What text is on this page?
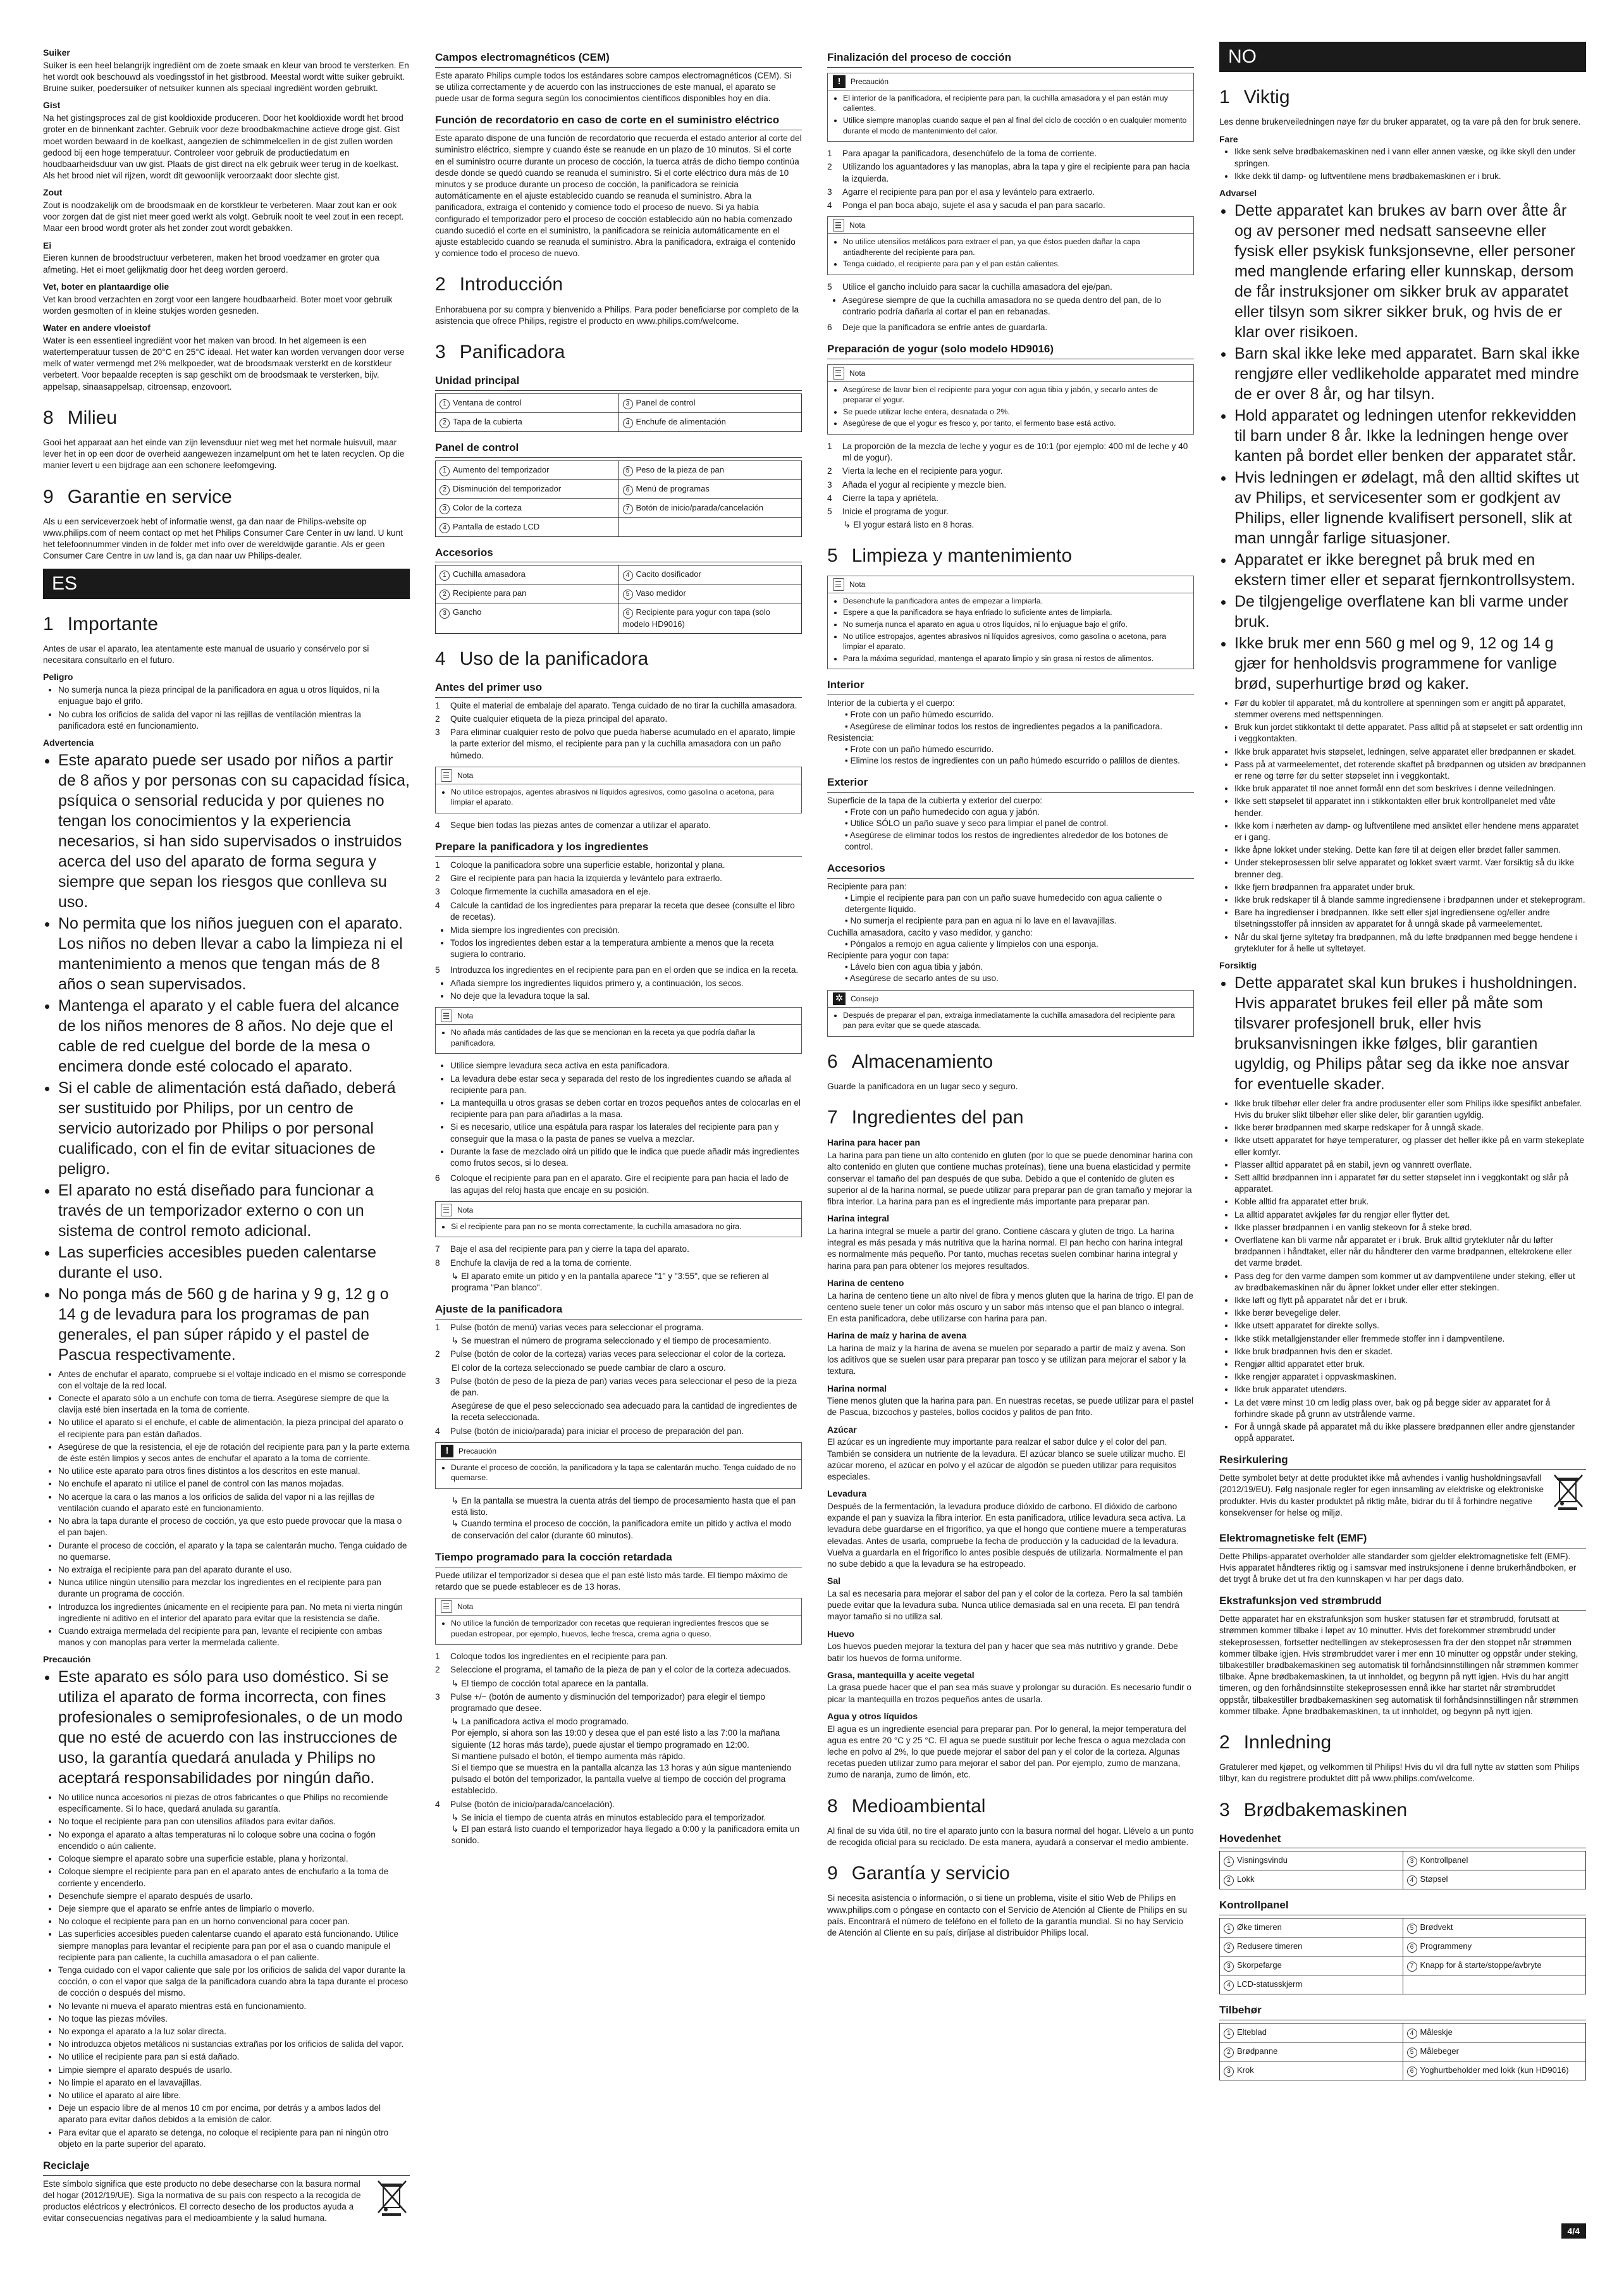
Suiker

Suiker is een heel belangrijk ingrediënt om de zoete smaak en kleur van brood te versterken. En het wordt ook beschouwd als voedingsstof in het gistbrood. Meestal wordt witte suiker gebruikt. Bruine suiker, poedersuiker of netsuiker kunnen als speciaal ingrediënt worden gebruikt.

Gist

Na het gistingsproces zal de gist kooldioxide produceren. Door het kooldioxide wordt het brood groter en de binnenkant zachter. Gebruik voor deze broodbakmachine actieve droge gist. Gist moet worden bewaard in de koelkast, aangezien de schimmelcellen in de gist zullen worden gedood bij een hoge temperatuur. Controleer voor gebruik de productiedatum en houdbaarheidsduur van uw gist. Plaats de gist direct na elk gebruik weer terug in de koelkast. Als het brood niet wil rijzen, wordt dit gewoonlijk veroorzaakt door slechte gist.

Zout

Zout is noodzakelijk om de broodsmaak en de korstkleur te verbeteren. Maar zout kan er ook voor zorgen dat de gist niet meer goed werkt als volgt. Gebruik nooit te veel zout in een recept. Maar een brood wordt groter als het zonder zout wordt gebakken.

Ei

Eieren kunnen de broodstructuur verbeteren, maken het brood voedzamer en groter qua afmeting. Het ei moet gelijkmatig door het deeg worden geroerd.

Vet, boter en plantaardige olie

Vet kan brood verzachten en zorgt voor een langere houdbaarheid. Boter moet voor gebruik worden gesmolten of in kleine stukjes worden gesneden.

Water en andere vloeistof

Water is een essentieel ingrediënt voor het maken van brood. In het algemeen is een watertemperatuur tussen de 20°C en 25°C ideaal. Het water kan worden vervangen door verse melk of water vermengd met 2% melkpoeder, wat de broodsmaak versterkt en de korstkleur verbetert. Voor bepaalde recepten is sap geschikt om de broodsmaak te versterken, bijv. appelsap, sinaasappelsap, citroensap, enzovoort.

8 Milieu

Gooi het apparaat aan het einde van zijn levensduur niet weg met het normale huisvuil, maar lever het in op een door de overheid aangewezen inzamelpunt om het te laten recyclen. Op die manier levert u een bijdrage aan een schonere leefomgeving.

9 Garantie en service

Als u een serviceverzoek hebt of informatie wenst, ga dan naar de Philips-website op www.philips.com of neem contact op met het Philips Consumer Care Center in uw land. U kunt het telefoonnummer vinden in de folder met info over de wereldwijde garantie. Als er geen Consumer Care Centre in uw land is, ga dan naar uw Philips-dealer.

ES
1 Importante

Antes de usar el aparato, lea atentamente este manual de usuario y consérvelo por si necesitara consultarlo en el futuro.

Peligro
• No sumerja nunca la pieza principal de la panificadora en agua u otros líquidos, ni la enjuague bajo el grifo.
• No cubra los orificios de salida del vapor ni las rejillas de ventilación mientras la panificadora esté en funcionamiento.
Advertencia
• Este aparato puede ser usado por niños a partir de 8 años y por personas con su capacidad física, psíquica o sensorial reducida y por quienes no tengan los conocimientos y la experiencia necesarios, si han sido supervisados o instruidos acerca del uso del aparato de forma segura y siempre que sepan los riesgos que conlleva su uso.
• No permita que los niños jueguen con el aparato. Los niños no deben llevar a cabo la limpieza ni el mantenimiento a menos que tengan más de 8 años o sean supervisados.
• Mantenga el aparato y el cable fuera del alcance de los niños menores de 8 años. No deje que el cable de red cuelgue del borde de la mesa o encimera donde esté colocado el aparato.
• Si el cable de alimentación está dañado, deberá ser sustituido por Philips, por un centro de servicio autorizado por Philips o por personal cualificado, con el fin de evitar situaciones de peligro.
• El aparato no está diseñado para funcionar a través de un temporizador externo o con un sistema de control remoto adicional.
• Las superficies accesibles pueden calentarse durante el uso.
• No ponga más de 560 g de harina y 9 g, 12 g o 14 g de levadura para los programas de pan generales, el pan súper rápido y el pastel de Pascua respectivamente.
• Antes de enchufar el aparato, compruebe si el voltaje indicado en el mismo se corresponde con el voltaje de la red local.
• Conecte el aparato sólo a un enchufe con toma de tierra. Asegúrese siempre de que la clavija esté bien insertada en la toma de corriente.
• No utilice el aparato si el enchufe, el cable de alimentación, la pieza principal del aparato o el recipiente para pan están dañados.
• Asegúrese de que la resistencia, el eje de rotación del recipiente para pan y la parte externa de éste estén limpios y secos antes de enchufar el aparato a la toma de corriente.
• No utilice este aparato para otros fines distintos a los descritos en este manual.
• No enchufe el aparato ni utilice el panel de control con las manos mojadas.
• No acerque la cara o las manos a los orificios de salida del vapor ni a las rejillas de ventilación cuando el aparato esté en funcionamiento.
• No abra la tapa durante el proceso de cocción, ya que esto puede provocar que la masa o el pan bajen.
• Durante el proceso de cocción, el aparato y la tapa se calentarán mucho. Tenga cuidado de no quemarse.
• No extraiga el recipiente para pan del aparato durante el uso.
• Nunca utilice ningún utensilio para mezclar los ingredientes en el recipiente para pan durante un programa de cocción.
• Introduzca los ingredientes únicamente en el recipiente para pan. No meta ni vierta ningún ingrediente ni aditivo en el interior del aparato para evitar que la resistencia se dañe.
• Cuando extraiga mermelada del recipiente para pan, levante el recipiente con ambas manos y con manoplas para verter la mermelada caliente.
Precaución
• Este aparato es sólo para uso doméstico. Si se utiliza el aparato de forma incorrecta, con fines profesionales o semiprofesionales, o de un modo que no esté de acuerdo con las instrucciones de uso, la garantía quedará anulada y Philips no aceptará responsabilidades por ningún daño.
• No utilice nunca accesorios ni piezas de otros fabricantes o que Philips no recomiende específicamente. Si lo hace, quedará anulada su garantía.
• No toque el recipiente para pan con utensilios afilados para evitar daños.
• No exponga el aparato a altas temperaturas ni lo coloque sobre una cocina o fogón encendido o aún caliente.
• Coloque siempre el aparato sobre una superficie estable, plana y horizontal.
• Coloque siempre el recipiente para pan en el aparato antes de enchufarlo a la toma de corriente y encenderlo.
• Desenchufe siempre el aparato después de usarlo.
• Deje siempre que el aparato se enfríe antes de limpiarlo o moverlo.
• No coloque el recipiente para pan en un horno convencional para cocer pan.
• Las superficies accesibles pueden calentarse cuando el aparato está funcionando. Utilice siempre manoplas para levantar el recipiente para pan por el asa o cuando manipule el recipiente para pan caliente, la cuchilla amasadora o el pan caliente.
• Tenga cuidado con el vapor caliente que sale por los orificios de salida del vapor durante la cocción, o con el vapor que salga de la panificadora cuando abra la tapa durante el proceso de cocción o después del mismo.
• No levante ni mueva el aparato mientras está en funcionamiento.
• No toque las piezas móviles.
• No exponga el aparato a la luz solar directa.
• No introduzca objetos metálicos ni sustancias extrañas por los orificios de salida del vapor.
• No utilice el recipiente para pan si está dañado.
• Limpie siempre el aparato después de usarlo.
• No limpie el aparato en el lavavajillas.
• No utilice el aparato al aire libre.
• Deje un espacio libre de al menos 10 cm por encima, por detrás y a ambos lados del aparato para evitar daños debidos a la emisión de calor.
• Para evitar que el aparato se detenga, no coloque el recipiente para pan ni ningún otro objeto en la parte superior del aparato.
Reciclaje

Este símbolo significa que este producto no debe desecharse con la basura normal del hogar (2012/19/UE). Siga la normativa de su país con respecto a la recogida de productos eléctricos y electrónicos. El correcto desecho de los productos ayuda a evitar consecuencias negativas para el medioambiente y la salud humana.

Campos electromagnéticos (CEM)

Este aparato Philips cumple todos los estándares sobre campos electromagnéticos (CEM). Si se utiliza correctamente y de acuerdo con las instrucciones de este manual, el aparato se puede usar de forma segura según los conocimientos científicos disponibles hoy en día.

Función de recordatorio en caso de corte en el suministro eléctrico

Este aparato dispone de una función de recordatorio que recuerda el estado anterior al corte del suministro eléctrico, siempre y cuando éste se reanude en un plazo de 10 minutos. Si el corte en el suministro ocurre durante un proceso de cocción, la tuerca atrás de dicho tiempo continúa desde donde se quedó cuando se reanuda el suministro. Si el corte eléctrico dura más de 10 minutos y se produce durante un proceso de cocción, la panificadora se reinicia automáticamente en el ajuste establecido cuando se reanuda el suministro. Abra la panificadora, extraiga el contenido y comience todo el proceso de nuevo. Si ya había configurado el temporizador pero el proceso de cocción establecido aún no había comenzado cuando sucedió el corte en el suministro, la panificadora se reinicia automáticamente en el ajuste establecido cuando se reanuda el suministro. Abra la panificadora, extraiga el contenido y comience todo el proceso de nuevo.

2 Introducción

Enhorabuena por su compra y bienvenido a Philips. Para poder beneficiarse por completo de la asistencia que ofrece Philips, registre el producto en www.philips.com/welcome.

3 Panificadora
Unidad principal
1 Ventana de control	3 Panel de control
2 Tapa de la cubierta	4 Enchufe de alimentación
Panel de control
1 Aumento del temporizador	5 Peso de la pieza de pan
2 Disminución del temporizador	6 Menú de programas
3 Color de la corteza	7 Botón de inicio/parada/cancelación
4 Pantalla de estado LCD	
Accesorios
1 Cuchilla amasadora	4 Cacito dosificador
2 Recipiente para pan	5 Vaso medidor
3 Gancho	6 Recipiente para yogur con tapa (solo modelo HD9016)
4 Uso de la panificadora
Antes del primer uso
1	Quite el material de embalaje del aparato. Tenga cuidado de no tirar la cuchilla amasadora.
2	Quite cualquier etiqueta de la pieza principal del aparato.
3	Para eliminar cualquier resto de polvo que pueda haberse acumulado en el aparato, limpie la parte exterior del mismo, el recipiente para pan y la cuchilla amasadora con un paño húmedo.
Nota
• No utilice estropajos, agentes abrasivos ni líquidos agresivos, como gasolina o acetona, para limpiar el aparato.
4	Seque bien todas las piezas antes de comenzar a utilizar el aparato.
Prepare la panificadora y los ingredientes
1	Coloque la panificadora sobre una superficie estable, horizontal y plana.
2	Gire el recipiente para pan hacia la izquierda y levántelo para extraerlo.
3	Coloque firmemente la cuchilla amasadora en el eje.
4	Calcule la cantidad de los ingredientes para preparar la receta que desee (consulte el libro de recetas).
• Mida siempre los ingredientes con precisión.
• Todos los ingredientes deben estar a la temperatura ambiente a menos que la receta sugiera lo contrario.
5	Introduzca los ingredientes en el recipiente para pan en el orden que se indica en la receta.
• Añada siempre los ingredientes líquidos primero y, a continuación, los secos.
• No deje que la levadura toque la sal.
Nota
• No añada más cantidades de las que se mencionan en la receta ya que podría dañar la panificadora.
• Utilice siempre levadura seca activa en esta panificadora.
• La levadura debe estar seca y separada del resto de los ingredientes cuando se añada al recipiente para pan.
• La mantequilla u otros grasas se deben cortar en trozos pequeños antes de colocarlas en el recipiente para pan para añadirlas a la masa.
• Si es necesario, utilice una espátula para raspar los laterales del recipiente para pan y conseguir que la masa o la pasta de panes se vuelva a mezclar.
• Durante la fase de mezclado oirá un pitido que le indica que puede añadir más ingredientes como frutos secos, si lo desea.
6	Coloque el recipiente para pan en el aparato. Gire el recipiente para pan hacia el lado de las agujas del reloj hasta que encaje en su posición.
Nota
• Si el recipiente para pan no se monta correctamente, la cuchilla amasadora no gira.
7	Baje el asa del recipiente para pan y cierre la tapa del aparato.
8	Enchufe la clavija de red a la toma de corriente.
↳ El aparato emite un pitido y en la pantalla aparece "1" y "3:55", que se refieren al programa "Pan blanco".
Ajuste de la panificadora
1	Pulse (botón de menú) varias veces para seleccionar el programa.
↳ Se muestran el número de programa seleccionado y el tiempo de procesamiento.
2	Pulse (botón de color de la corteza) varias veces para seleccionar el color de la corteza.
El color de la corteza seleccionado se puede cambiar de claro a oscuro.
3	Pulse (botón de peso de la pieza de pan) varias veces para seleccionar el peso de la pieza de pan.
Asegúrese de que el peso seleccionado sea adecuado para la cantidad de ingredientes de la receta seleccionada.
4	Pulse (botón de inicio/parada) para iniciar el proceso de preparación del pan.
!	Precaución
• Durante el proceso de cocción, la panificadora y la tapa se calentarán mucho. Tenga cuidado de no quemarse.
↳ En la pantalla se muestra la cuenta atrás del tiempo de procesamiento hasta que el pan está listo.
↳ Cuando termina el proceso de cocción, la panificadora emite un pitido y activa el modo de conservación del calor (durante 60 minutos).
Tiempo programado para la cocción retardada

Puede utilizar el temporizador si desea que el pan esté listo más tarde. El tiempo máximo de retardo que se puede establecer es de 13 horas.

Nota
• No utilice la función de temporizador con recetas que requieran ingredientes frescos que se puedan estropear, por ejemplo, huevos, leche fresca, crema agria o queso.
1	Coloque todos los ingredientes en el recipiente para pan.
2	Seleccione el programa, el tamaño de la pieza de pan y el color de la corteza adecuados.
↳ El tiempo de cocción total aparece en la pantalla.
3	Pulse +/− (botón de aumento y disminución del temporizador) para elegir el tiempo programado que desee.
↳ La panificadora activa el modo programado.
Por ejemplo, si ahora son las 19:00 y desea que el pan esté listo a las 7:00 la mañana siguiente (12 horas más tarde), puede ajustar el tiempo programado en 12:00.
Si mantiene pulsado el botón, el tiempo aumenta más rápido.
Si el tiempo que se muestra en la pantalla alcanza las 13 horas y aún sigue manteniendo pulsado el botón del temporizador, la pantalla vuelve al tiempo de cocción del programa establecido.
4	Pulse (botón de inicio/parada/cancelación).
↳ Se inicia el tiempo de cuenta atrás en minutos establecido para el temporizador.
↳ El pan estará listo cuando el temporizador haya llegado a 0:00 y la panificadora emita un sonido.
Finalización del proceso de cocción
!	Precaución
• El interior de la panificadora, el recipiente para pan, la cuchilla amasadora y el pan están muy calientes.
• Utilice siempre manoplas cuando saque el pan al final del ciclo de cocción o en cualquier momento durante el modo de mantenimiento del calor.
1	Para apagar la panificadora, desenchúfelo de la toma de corriente.
2	Utilizando los aguantadores y las manoplas, abra la tapa y gire el recipiente para pan hacia la izquierda.
3	Agarre el recipiente para pan por el asa y levántelo para extraerlo.
4	Ponga el pan boca abajo, sujete el asa y sacuda el pan para sacarlo.
Nota
• No utilice utensilios metálicos para extraer el pan, ya que éstos pueden dañar la capa antiadherente del recipiente para pan.
• Tenga cuidado, el recipiente para pan y el pan están calientes.
5	Utilice el gancho incluido para sacar la cuchilla amasadora del eje/pan.
• Asegúrese siempre de que la cuchilla amasadora no se queda dentro del pan, de lo contrario podría dañarla al cortar el pan en rebanadas.
6	Deje que la panificadora se enfríe antes de guardarla.
Preparación de yogur (solo modelo HD9016)
Nota
• Asegúrese de lavar bien el recipiente para yogur con agua tibia y jabón, y secarlo antes de preparar el yogur.
• Se puede utilizar leche entera, desnatada o 2%.
• Asegúrese de que el yogur es fresco y, por tanto, el fermento base está activo.
1	La proporción de la mezcla de leche y yogur es de 10:1 (por ejemplo: 400 ml de leche y 40 ml de yogur).
2	Vierta la leche en el recipiente para yogur.
3	Añada el yogur al recipiente y mezcle bien.
4	Cierre la tapa y apriétela.
5	Inicie el programa de yogur.
↳ El yogur estará listo en 8 horas.
5 Limpieza y mantenimiento
Nota
• Desenchufe la panificadora antes de empezar a limpiarla.
• Espere a que la panificadora se haya enfriado lo suficiente antes de limpiarla.
• No sumerja nunca el aparato en agua u otros líquidos, ni lo enjuague bajo el grifo.
• No utilice estropajos, agentes abrasivos ni líquidos agresivos, como gasolina o acetona, para limpiar el aparato.
• Para la máxima seguridad, mantenga el aparato limpio y sin grasa ni restos de alimentos.
Interior
Interior de la cubierta y el cuerpo:
• Frote con un paño húmedo escurrido.
• Asegúrese de eliminar todos los restos de ingredientes pegados a la panificadora.
Resistencia:
• Frote con un paño húmedo escurrido.
• Elimine los restos de ingredientes con un paño húmedo escurrido o palillos de dientes.
Exterior
Superficie de la tapa de la cubierta y exterior del cuerpo:
• Frote con un paño humedecido con agua y jabón.
• Utilice SÓLO un paño suave y seco para limpiar el panel de control.
• Asegúrese de eliminar todos los restos de ingredientes alrededor de los botones de control.
Accesorios
Recipiente para pan:
• Limpie el recipiente para pan con un paño suave humedecido con agua caliente o detergente líquido.
• No sumerja el recipiente para pan en agua ni lo lave en el lavavajillas.
Cuchilla amasadora, cacito y vaso medidor, y gancho:
• Póngalos a remojo en agua caliente y límpielos con una esponja.
Recipiente para yogur con tapa:
• Lávelo bien con agua tibia y jabón.
• Asegúrese de secarlo antes de su uso.
✲ Consejo
• Después de preparar el pan, extraiga inmediatamente la cuchilla amasadora del recipiente para pan para evitar que se quede atascada.
6 Almacenamiento

Guarde la panificadora en un lugar seco y seguro.

7 Ingredientes del pan
Harina para hacer pan

La harina para pan tiene un alto contenido en gluten (por lo que se puede denominar harina con alto contenido en gluten que contiene muchas proteínas), tiene una buena elasticidad y permite conservar el tamaño del pan después de que suba. Debido a que el contenido de gluten es superior al de la harina normal, se puede utilizar para preparar pan de gran tamaño y mejorar la fibra interior. La harina para pan es el ingrediente más importante para preparar pan.

Harina integral

La harina integral se muele a partir del grano. Contiene cáscara y gluten de trigo. La harina integral es más pesada y más nutritiva que la harina normal. El pan hecho con harina integral es normalmente más pequeño. Por tanto, muchas recetas suelen combinar harina integral y harina para pan para obtener los mejores resultados.

Harina de centeno

La harina de centeno tiene un alto nivel de fibra y menos gluten que la harina de trigo. El pan de centeno suele tener un color más oscuro y un sabor más intenso que el pan blanco o integral. En esta panificadora, debe utilizarse con harina para pan.

Harina de maíz y harina de avena

La harina de maíz y la harina de avena se muelen por separado a partir de maíz y avena. Son los aditivos que se suelen usar para preparar pan tosco y se utilizan para mejorar el sabor y la textura.

Harina normal

Tiene menos gluten que la harina para pan. En nuestras recetas, se puede utilizar para el pastel de Pascua, bizcochos y pasteles, bollos cocidos y palitos de pan frito.

Azúcar

El azúcar es un ingrediente muy importante para realzar el sabor dulce y el color del pan. También se considera un nutriente de la levadura. El azúcar blanco se suele utilizar mucho. El azúcar moreno, el azúcar en polvo y el azúcar de algodón se pueden utilizar para requisitos especiales.

Levadura

Después de la fermentación, la levadura produce dióxido de carbono. El dióxido de carbono expande el pan y suaviza la fibra interior. En esta panificadora, utilice levadura seca activa. La levadura debe guardarse en el frigorífico, ya que el hongo que contiene muere a temperaturas elevadas. Antes de usarla, compruebe la fecha de producción y la caducidad de la levadura. Vuelva a guardarla en el frigorífico lo antes posible después de utilizarla. Normalmente el pan no sube debido a que la levadura se ha estropeado.

Sal

La sal es necesaria para mejorar el sabor del pan y el color de la corteza. Pero la sal también puede evitar que la levadura suba. Nunca utilice demasiada sal en una receta. El pan tendrá mayor tamaño si no utiliza sal.

Huevo

Los huevos pueden mejorar la textura del pan y hacer que sea más nutritivo y grande. Debe batir los huevos de forma uniforme.

Grasa, mantequilla y aceite vegetal

La grasa puede hacer que el pan sea más suave y prolongar su duración. Es necesario fundir o picar la mantequilla en trozos pequeños antes de usarla.

Agua y otros líquidos

El agua es un ingrediente esencial para preparar pan. Por lo general, la mejor temperatura del agua es entre 20 °C y 25 °C. El agua se puede sustituir por leche fresca o agua mezclada con leche en polvo al 2%, lo que puede mejorar el sabor del pan y el color de la corteza. Algunas recetas pueden utilizar zumo para mejorar el sabor del pan. Por ejemplo, zumo de manzana, zumo de naranja, zumo de limón, etc.

8 Medioambiental

Al final de su vida útil, no tire el aparato junto con la basura normal del hogar. Llévelo a un punto de recogida oficial para su reciclado. De esta manera, ayudará a conservar el medio ambiente.

9 Garantía y servicio

Si necesita asistencia o información, o si tiene un problema, visite el sitio Web de Philips en www.philips.com o póngase en contacto con el Servicio de Atención al Cliente de Philips en su país. Encontrará el número de teléfono en el folleto de la garantía mundial. Si no hay Servicio de Atención al Cliente en su país, diríjase al distribuidor Philips local.

NO
1 Viktig

Les denne brukerveiledningen nøye før du bruker apparatet, og ta vare på den for bruk senere.

Fare
• Ikke senk selve brødbakemaskinen ned i vann eller annen væske, og ikke skyll den under springen.
• Ikke dekk til damp- og luftventilene mens brødbakemaskinen er i bruk.
Advarsel
• Dette apparatet kan brukes av barn over åtte år og av personer med nedsatt sanseevne eller fysisk eller psykisk funksjonsevne, eller personer med manglende erfaring eller kunnskap, dersom de får instruksjoner om sikker bruk av apparatet eller tilsyn som sikrer sikker bruk, og hvis de er klar over risikoen.
• Barn skal ikke leke med apparatet. Barn skal ikke rengjøre eller vedlikeholde apparatet med mindre de er over 8 år, og har tilsyn.
• Hold apparatet og ledningen utenfor rekkevidden til barn under 8 år. Ikke la ledningen henge over kanten på bordet eller benken der apparatet står.
• Hvis ledningen er ødelagt, må den alltid skiftes ut av Philips, et servicesenter som er godkjent av Philips, eller lignende kvalifisert personell, slik at man unngår farlige situasjoner.
• Apparatet er ikke beregnet på bruk med en ekstern timer eller et separat fjernkontrollsystem.
• De tilgjengelige overflatene kan bli varme under bruk.
• Ikke bruk mer enn 560 g mel og 9, 12 og 14 g gjær for henholdsvis programmene for vanlige brød, superhurtige brød og kaker.
• Før du kobler til apparatet, må du kontrollere at spenningen som er angitt på apparatet, stemmer overens med nettspenningen.
• Bruk kun jordet stikkontakt til dette apparatet. Pass alltid på at støpselet er satt ordentlig inn i veggkontakten.
• Ikke bruk apparatet hvis støpselet, ledningen, selve apparatet eller brødpannen er skadet.
• Pass på at varmeelementet, det roterende skaftet på brødpannen og utsiden av brødpannen er rene og tørre før du setter støpselet inn i veggkontakt.
• Ikke bruk apparatet til noe annet formål enn det som beskrives i denne veiledningen.
• Ikke sett støpselet til apparatet inn i stikkontakten eller bruk kontrollpanelet med våte hender.
• Ikke kom i nærheten av damp- og luftventilene med ansiktet eller hendene mens apparatet er i gang.
• Ikke åpne lokket under steking. Dette kan føre til at deigen eller brødet faller sammen.
• Under stekeprosessen blir selve apparatet og lokket svært varmt. Vær forsiktig så du ikke brenner deg.
• Ikke fjern brødpannen fra apparatet under bruk.
• Ikke bruk redskaper til å blande samme ingrediensene i brødpannen under et stekeprogram.
• Bare ha ingredienser i brødpannen. Ikke sett eller sjøl ingrediensene og/eller andre tilsetningsstoffer på innsiden av apparatet for å unngå skade på varmeelementet.
• Når du skal fjerne syltetøy fra brødpannen, må du løfte brødpannen med begge hendene i grytekluter for å helle ut syltetøyet.
Forsiktig
• Dette apparatet skal kun brukes i husholdningen. Hvis apparatet brukes feil eller på måte som tilsvarer profesjonell bruk, eller hvis bruksanvisningen ikke følges, blir garantien ugyldig, og Philips påtar seg da ikke noe ansvar for eventuelle skader.
• Ikke bruk tilbehør eller deler fra andre produsenter eller som Philips ikke spesifikt anbefaler. Hvis du bruker slikt tilbehør eller slike deler, blir garantien ugyldig.
• Ikke berør brødpannen med skarpe redskaper for å unngå skade.
• Ikke utsett apparatet for høye temperaturer, og plasser det heller ikke på en varm stekeplate eller komfyr.
• Plasser alltid apparatet på en stabil, jevn og vannrett overflate.
• Sett alltid brødpannen inn i apparatet før du setter støpselet inn i veggkontakt og slår på apparatet.
• Koble alltid fra apparatet etter bruk.
• La alltid apparatet avkjøles før du rengjør eller flytter det.
• Ikke plasser brødpannen i en vanlig stekeovn for å steke brød.
• Overflatene kan bli varme når apparatet er i bruk. Bruk alltid grytekluter når du løfter brødpannen i håndtaket, eller når du håndterer den varme brødpannen, eltekrokene eller det varme brødet.
• Pass deg for den varme dampen som kommer ut av dampventilene under steking, eller ut av brødbakemaskinen når du åpner lokket under eller etter stekingen.
• Ikke løft og flytt på apparatet når det er i bruk.
• Ikke berør bevegelige deler.
• Ikke utsett apparatet for direkte sollys.
• Ikke stikk metallgjenstander eller fremmede stoffer inn i dampventilene.
• Ikke bruk brødpannen hvis den er skadet.
• Rengjør alltid apparatet etter bruk.
• Ikke rengjør apparatet i oppvaskmaskinen.
• Ikke bruk apparatet utendørs.
• La det være minst 10 cm ledig plass over, bak og på begge sider av apparatet for å forhindre skade på grunn av utstrålende varme.
• For å unngå skade på apparatet må du ikke plassere brødpannen eller andre gjenstander oppå apparatet.
Resirkulering

Dette symbolet betyr at dette produktet ikke må avhendes i vanlig husholdningsavfall (2012/19/EU). Følg nasjonale regler for egen innsamling av elektriske og elektroniske produkter. Hvis du kaster produktet på riktig måte, bidrar du til å forhindre negative konsekvenser for helse og miljø.

Elektromagnetiske felt (EMF)

Dette Philips-apparatet overholder alle standarder som gjelder elektromagnetiske felt (EMF). Hvis apparatet håndteres riktig og i samsvar med instruksjonene i denne brukerhåndboken, er det trygt å bruke det ut fra den kunnskapen vi har per dags dato.

Ekstrafunksjon ved strømbrudd

Dette apparatet har en ekstrafunksjon som husker statusen før et strømbrudd, forutsatt at strømmen kommer tilbake i løpet av 10 minutter. Hvis det forekommer strømbrudd under stekeprosessen, fortsetter nedtellingen av stekeprosessen fra der den stoppet når strømmen kommer tilbake igjen. Hvis strømbruddet varer i mer enn 10 minutter og oppstår under steking, tilbakestiller brødbakemaskinen seg automatisk til forhåndsinnstillingen når strømmen kommer tilbake. Åpne brødbakemaskinen, ta ut innholdet, og begynn på nytt igjen. Hvis du har angitt timeren, og den forhåndsinnstilte stekeprosessen ennå ikke har startet når strømbruddet oppstår, tilbakestiller brødbakemaskinen seg automatisk til forhåndsinnstillingen når strømmen kommer tilbake. Åpne brødbakemaskinen, ta ut innholdet, og begynn på nytt igjen.

2 Innledning

Gratulerer med kjøpet, og velkommen til Philips! Hvis du vil dra full nytte av støtten som Philips tilbyr, kan du registrere produktet ditt på www.philips.com/welcome.

3 Brødbakemaskinen
Hovedenhet
1 Visningsvindu	3 Kontrollpanel
2 Lokk	4 Støpsel
Kontrollpanel
1 Øke timeren	5 Brødvekt
2 Redusere timeren	6 Programmeny
3 Skorpefarge	7 Knapp for å starte/stoppe/avbryte
4 LCD-statusskjerm	
Tilbehør
1 Elteblad	4 Måleskje
2 Brødpanne	5 Målebeger
3 Krok	6 Yoghurtbeholder med lokk (kun HD9016)
4/4
